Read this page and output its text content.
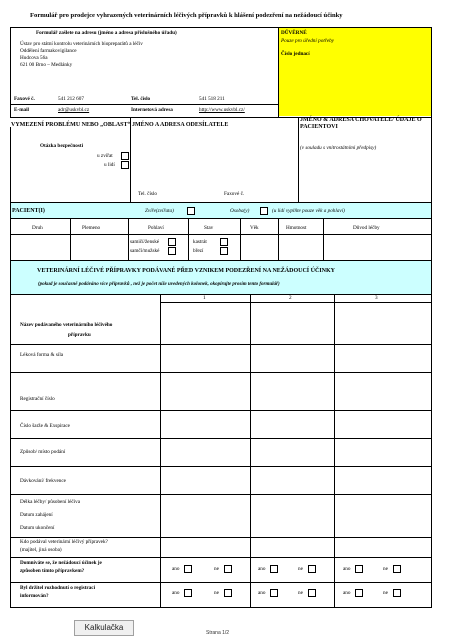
Formulář pro prodejce vyhrazených veterinárních léčivých přípravků k hlášení podezření na nežádoucí účinky
Formulář zašlete na adresu (jméno a adresa příslušného úřadu)
Ústav pro státní kontrolu veterinárních biopreparátů a léčiv
Oddělení farmakovigilance
Hudcova 56a
621 00 Brno – Medlánky
Faxové č.	541 212 607	Tel. číslo	541 518 211
E-mail	adr@uskvbl.cz	Internetová adresa	http://www.uskvbl.cz/
DŮVĚRNÉ
Pouze pro úřední potřeby
Číslo jednací
VYMEZENÍ PROBLÉMU NEBO „OBLAST“ JMÉNO A ADRESA ODESÍLATELE
JMÉNO & ADRESA CHOVATELE/ ÚDAJE O PACIENTOVI
(v souladu s vnitrostátními předpisy)
Otázka bezpečnosti
u zvířat
u lidí
Tel. číslo	Faxové č.
PACIENT(I)	Zvíře(zvířata)	Osoba(y)	(u lidí vyplňte pouze věk a pohlaví)
Druh	Plemeno	Pohlaví	Stav	Věk	Hmotnost	Důvod léčby
samičí/ženské
samčí/mužské
kastrát
březí
VETERINÁRNÍ LÉČIVÉ PŘÍPRAVKY PODÁVANÉ PŘED VZNIKEM PODEZŘENÍ NA NEŽÁDOUCÍ ÚČINKY
(pokud je současně podáváno více přípravků , než je počet níže uvedených kolonek, okopírujte prosím tento formulář)
1	2	3
Název podávaného veterinárního léčivého
přípravku
Léková forma & síla
Registrační číslo
Číslo šarže & Exspirace
Způsob/ místo podání
Dávkování/ frekvence
Délka léčby/ působení léčiva
Datum zahájení
Datum ukončení
Kdo podával veterinární léčivý přípravek?
(majitel, jiná osoba)
Domníváte se, že nežádoucí účinek je
způsoben tímto přípravkem?
Byl držitel rozhodnutí o registraci
informován?
ano	ne	ano	ne	ano	ne
ano	ne	ano	ne	ano	ne
Kalkulačka
Strana 1/2
